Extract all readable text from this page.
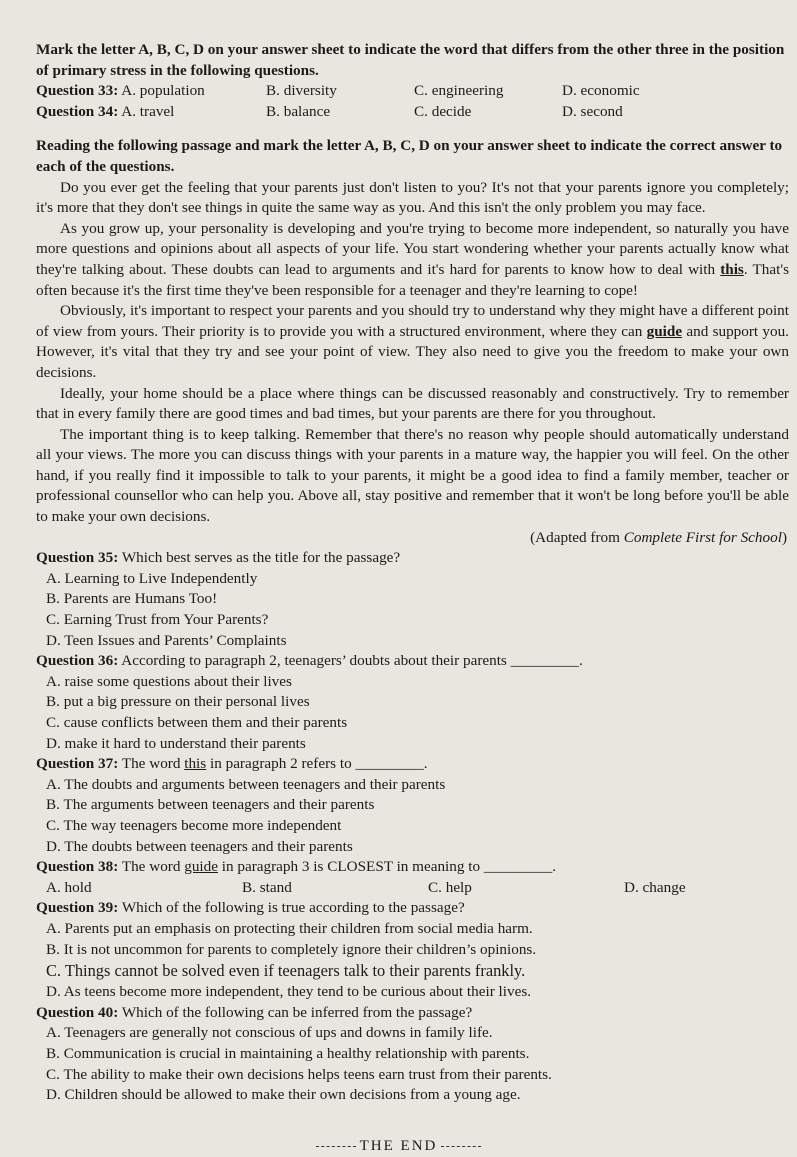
Mark the letter A, B, C, D on your answer sheet to indicate the word that differs from the other three in the position of primary stress in the following questions.

Question 33: A. population	B. diversity	C. engineering	D. economic
Question 34: A. travel	B. balance	C. decide	D. second

Reading the following passage and mark the letter A, B, C, D on your answer sheet to indicate the correct answer to each of the questions.

Do you ever get the feeling that your parents just don't listen to you? It's not that your parents ignore you completely; it's more that they don't see things in quite the same way as you. And this isn't the only problem you may face.

As you grow up, your personality is developing and you're trying to become more independent, so naturally you have more questions and opinions about all aspects of your life. You start wondering whether your parents actually know what they're talking about. These doubts can lead to arguments and it's hard for parents to know how to deal with this. That's often because it's the first time they've been responsible for a teenager and they're learning to cope!

Obviously, it's important to respect your parents and you should try to understand why they might have a different point of view from yours. Their priority is to provide you with a structured environment, where they can guide and support you. However, it's vital that they try and see your point of view. They also need to give you the freedom to make your own decisions.

Ideally, your home should be a place where things can be discussed reasonably and constructively. Try to remember that in every family there are good times and bad times, but your parents are there for you throughout.

The important thing is to keep talking. Remember that there's no reason why people should automatically understand all your views. The more you can discuss things with your parents in a mature way, the happier you will feel. On the other hand, if you really find it impossible to talk to your parents, it might be a good idea to find a family member, teacher or professional counsellor who can help you. Above all, stay positive and remember that it won't be long before you'll be able to make your own decisions.

(Adapted from Complete First for School)

Question 35: Which best serves as the title for the passage?
A. Learning to Live Independently
B. Parents are Humans Too!
C. Earning Trust from Your Parents?
D. Teen Issues and Parents’ Complaints
Question 36: According to paragraph 2, teenagers’ doubts about their parents _________.
A. raise some questions about their lives
B. put a big pressure on their personal lives
C. cause conflicts between them and their parents
D. make it hard to understand their parents
Question 37: The word this in paragraph 2 refers to _________.
A. The doubts and arguments between teenagers and their parents
B. The arguments between teenagers and their parents
C. The way teenagers become more independent
D. The doubts between teenagers and their parents
Question 38: The word guide in paragraph 3 is CLOSEST in meaning to _________.
A. hold	B. stand	C. help	D. change
Question 39: Which of the following is true according to the passage?
A. Parents put an emphasis on protecting their children from social media harm.
B. It is not uncommon for parents to completely ignore their children’s opinions.
C. Things cannot be solved even if teenagers talk to their parents frankly.
D. As teens become more independent, they tend to be curious about their lives.
Question 40: Which of the following can be inferred from the passage?
A. Teenagers are generally not conscious of ups and downs in family life.
B. Communication is crucial in maintaining a healthy relationship with parents.
C. The ability to make their own decisions helps teens earn trust from their parents.
D. Children should be allowed to make their own decisions from a young age.
THE END
